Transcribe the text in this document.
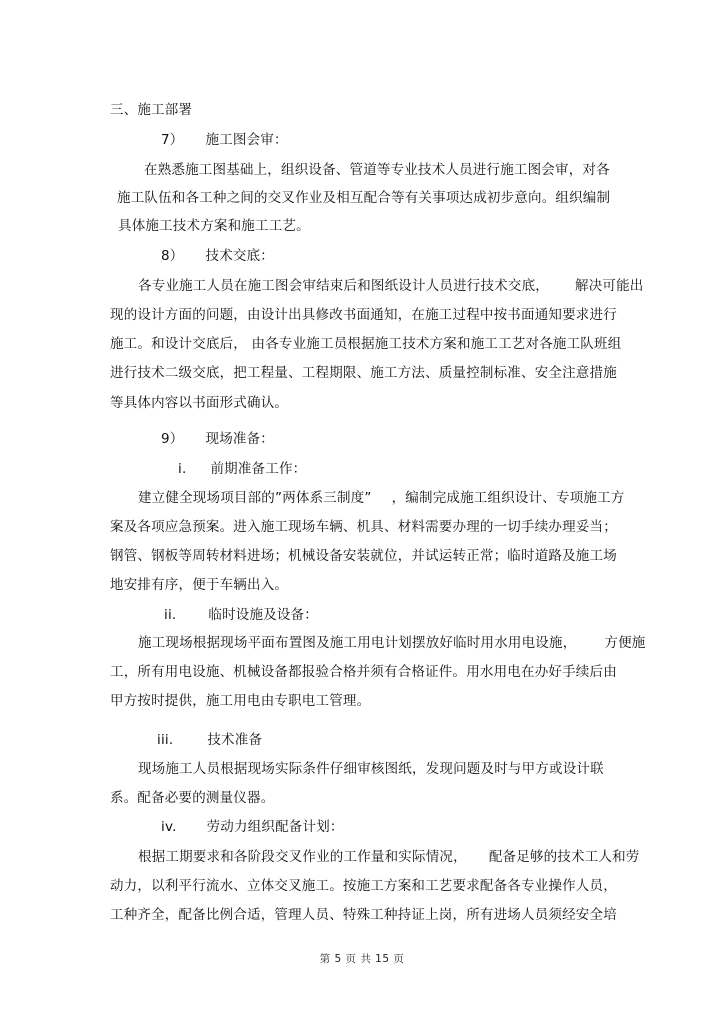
三、施工部署
7） 施工图会审：
在熟悉施工图基础上，组织设备、管道等专业技术人员进行施工图会审，对各
施工队伍和各工种之间的交叉作业及相互配合等有关事项达成初步意向。组织编制
具体施工技术方案和施工工艺。
8） 技术交底：
各专业施工人员在施工图会审结束后和图纸设计人员进行技术交底， 解决可能出
现的设计方面的问题，由设计出具修改书面通知，在施工过程中按书面通知要求进行
施工。和设计交底后， 由各专业施工员根据施工技术方案和施工工艺对各施工队班组
进行技术二级交底，把工程量、工程期限、施工方法、质量控制标准、安全注意措施
等具体内容以书面形式确认。
9） 现场准备：
i. 前期准备工作：
建立健全现场项目部的”两体系三制度” ，编制完成施工组织设计、专项施工方
案及各项应急预案。进入施工现场车辆、机具、材料需要办理的一切手续办理妥当；
钢管、钢板等周转材料进场；机械设备安装就位，并试运转正常；临时道路及施工场
地安排有序，便于车辆出入。
ii. 临时设施及设备：
施工现场根据现场平面布置图及施工用电计划摆放好临时用水用电设施， 方便施
工，所有用电设施、机械设备都报验合格并须有合格证件。用水用电在办好手续后由
甲方按时提供，施工用电由专职电工管理。
iii.	技术准备
现场施工人员根据现场实际条件仔细审核图纸，发现问题及时与甲方或设计联
系。配备必要的测量仪器。
iv. 劳动力组织配备计划：
根据工期要求和各阶段交叉作业的工作量和实际情况， 配备足够的技术工人和劳
动力，以利平行流水、立体交叉施工。按施工方案和工艺要求配备各专业操作人员，
工种齐全，配备比例合适，管理人员、特殊工种持证上岗，所有进场人员须经安全培
第 5 页 共 15 页
